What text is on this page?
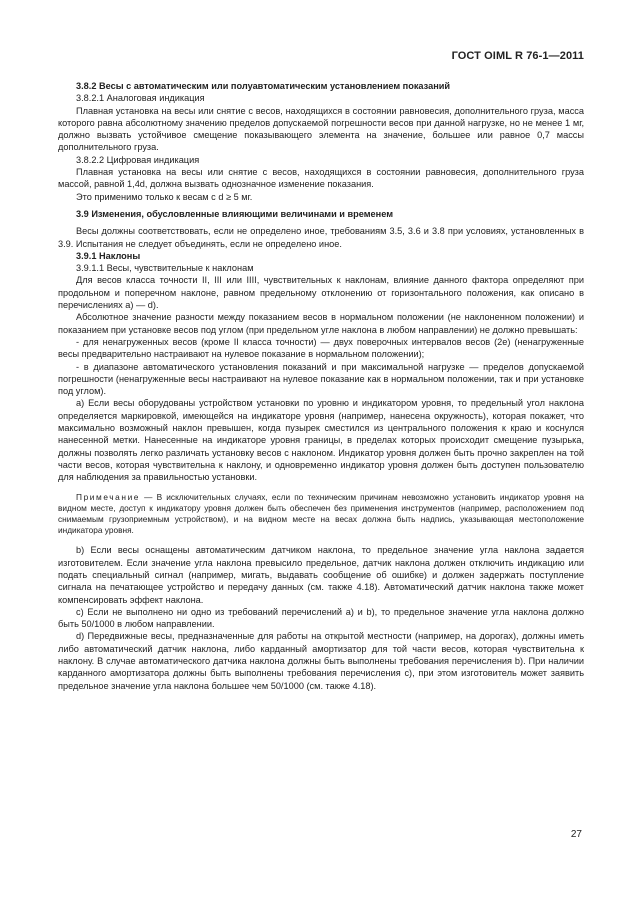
ГОСТ OIML R 76-1—2011

3.8.2 Весы с автоматическим или полуавтоматическим установлением показаний

3.8.2.1 Аналоговая индикация

Плавная установка на весы или снятие с весов, находящихся в состоянии равновесия, дополнительного груза, масса которого равна абсолютному значению пределов допускаемой погрешности весов при данной нагрузке, но не менее 1 мг, должно вызвать устойчивое смещение показывающего элемента на значение, большее или равное 0,7 массы дополнительного груза.

3.8.2.2 Цифровая индикация

Плавная установка на весы или снятие с весов, находящихся в состоянии равновесия, дополнительного груза массой, равной 1,4d, должна вызвать однозначное изменение показания.

Это применимо только к весам с d ≥ 5 мг.

3.9 Изменения, обусловленные влияющими величинами и временем

Весы должны соответствовать, если не определено иное, требованиям 3.5, 3.6 и 3.8 при условиях, установленных в 3.9. Испытания не следует объединять, если не определено иное.

3.9.1 Наклоны

3.9.1.1 Весы, чувствительные к наклонам

Для весов класса точности II, III или IIII, чувствительных к наклонам, влияние данного фактора определяют при продольном и поперечном наклоне, равном предельному отклонению от горизонтального положения, как описано в перечислениях а) — d).

Абсолютное значение разности между показанием весов в нормальном положении (не наклоненном положении) и показанием при установке весов под углом (при предельном угле наклона в любом направлении) не должно превышать:

- для ненагруженных весов (кроме II класса точности) — двух поверочных интервалов весов (2е) (ненагруженные весы предварительно настраивают на нулевое показание в нормальном положении);

- в диапазоне автоматического установления показаний и при максимальной нагрузке — пределов допускаемой погрешности (ненагруженные весы настраивают на нулевое показание как в нормальном положении, так и при установке под углом).

а) Если весы оборудованы устройством установки по уровню и индикатором уровня, то предельный угол наклона определяется маркировкой, имеющейся на индикаторе уровня (например, нанесена окружность), которая покажет, что максимально возможный наклон превышен, когда пузырек сместился из центрального положения к краю и коснулся нанесенной метки. Нанесенные на индикаторе уровня границы, в пределах которых происходит смещение пузырька, должны позволять легко различать установку весов с наклоном. Индикатор уровня должен быть прочно закреплен на той части весов, которая чувствительна к наклону, и одновременно индикатор уровня должен быть доступен пользователю для наблюдения за правильностью установки.

Примечание — В исключительных случаях, если по техническим причинам невозможно установить индикатор уровня на видном месте, доступ к индикатору уровня должен быть обеспечен без применения инструментов (например, расположением под снимаемым грузоприемным устройством), и на видном месте на весах должна быть надпись, указывающая местоположение индикатора уровня.

b) Если весы оснащены автоматическим датчиком наклона, то предельное значение угла наклона задается изготовителем. Если значение угла наклона превысило предельное, датчик наклона должен отключить индикацию или подать специальный сигнал (например, мигать, выдавать сообщение об ошибке) и должен задержать поступление сигнала на печатающее устройство и передачу данных (см. также 4.18). Автоматический датчик наклона также может компенсировать эффект наклона.

c) Если не выполнено ни одно из требований перечислений а) и b), то предельное значение угла наклона должно быть 50/1000 в любом направлении.

d) Передвижные весы, предназначенные для работы на открытой местности (например, на дорогах), должны иметь либо автоматический датчик наклона, либо карданный амортизатор для той части весов, которая чувствительна к наклону. В случае автоматического датчика наклона должны быть выполнены требования перечисления b). При наличии карданного амортизатора должны быть выполнены требования перечисления с), при этом изготовитель может заявить предельное значение угла наклона большее чем 50/1000 (см. также 4.18).

27
